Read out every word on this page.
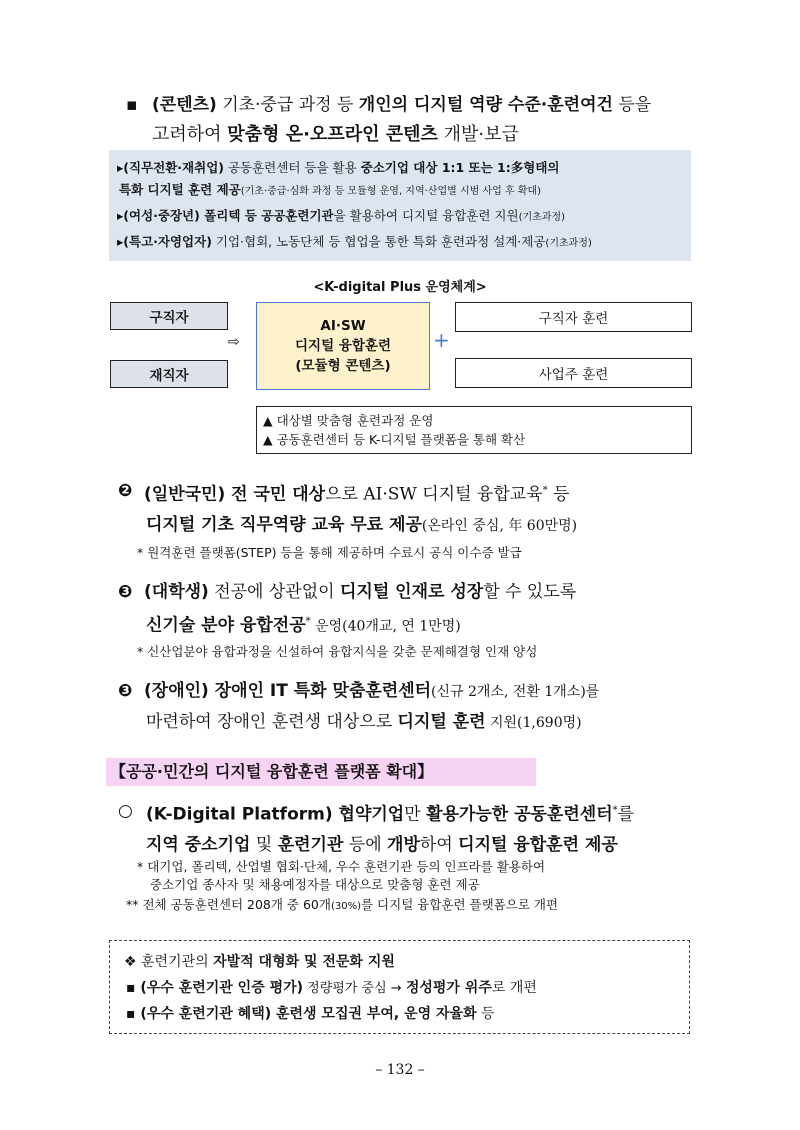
▪ (콘텐츠) 기초·중급 과정 등 개인의 디지털 역량 수준·훈련여건 등을
고려하여 맞춤형 온·오프라인 콘텐츠 개발·보급
▸(직무전환·재취업) 공동훈련센터 등을 활용 중소기업 대상 1:1 또는 1:多형태의
특화 디지털 훈련 제공(기초·중급·심화 과정 등 모듈형 운영, 지역·산업별 시범 사업 후 확대)
▸(여성·중장년) 폴리텍 등 공공훈련기관을 활용하여 디지털 융합훈련 지원(기초과정)
▸(특고·자영업자) 기업·협회, 노동단체 등 협업을 통한 특화 훈련과정 설계·제공(기초과정)
<K-digital Plus 운영체계>
구직자
재직자
⇨
AI·SW
디지털 융합훈련
(모듈형 콘텐츠)
+
구직자 훈련
사업주 훈련
▲ 대상별 맞춤형 훈련과정 운영
▲ 공동훈련센터 등 K-디지털 플랫폼을 통해 확산
❷ (일반국민) 전 국민 대상으로 AI·SW 디지털 융합교육* 등
디지털 기초 직무역량 교육 무료 제공(온라인 중심, 年 60만명)
* 원격훈련 플랫폼(STEP) 등을 통해 제공하며 수료시 공식 이수증 발급
❸ (대학생) 전공에 상관없이 디지털 인재로 성장할 수 있도록
신기술 분야 융합전공* 운영(40개교, 연 1만명)
* 신산업분야 융합과정을 신설하여 융합지식을 갖춘 문제해결형 인재 양성
❸ (장애인) 장애인 IT 특화 맞춤훈련센터(신규 2개소, 전환 1개소)를
마련하여 장애인 훈련생 대상으로 디지털 훈련 지원(1,690명)
【공공·민간의 디지털 융합훈련 플랫폼 확대】
○ (K-Digital Platform) 협약기업만 활용가능한 공동훈련센터*를
지역 중소기업 및 훈련기관 등에 개방하여 디지털 융합훈련 제공
* 대기업, 폴리텍, 산업별 협회·단체, 우수 훈련기관 등의 인프라를 활용하여
중소기업 종사자 및 채용예정자를 대상으로 맞춤형 훈련 제공
** 전체 공동훈련센터 208개 중 60개(30%)를 디지털 융합훈련 플랫폼으로 개편
❖ 훈련기관의 자발적 대형화 및 전문화 지원
▪ (우수 훈련기관 인증 평가) 정량평가 중심 → 정성평가 위주로 개편
▪ (우수 훈련기관 혜택) 훈련생 모집권 부여, 운영 자율화 등
– 132 –
